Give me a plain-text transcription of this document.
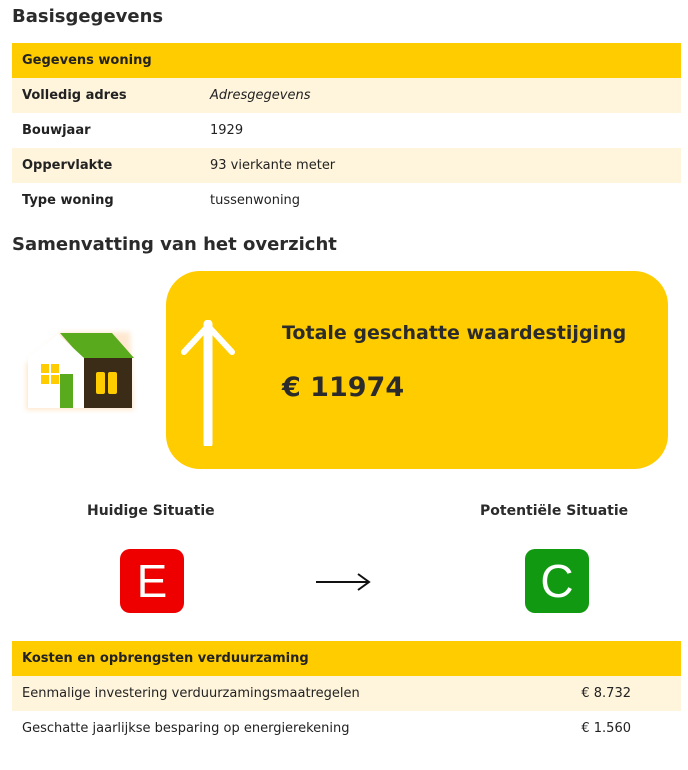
Basisgegevens
Gegevens woning	
Volledig adres	Adresgegevens
Bouwjaar	1929
Oppervlakte	93 vierkante meter
Type woning	tussenwoning
Samenvatting van het overzicht
Totale geschatte waardestijging
€ 11974
Huidige Situatie	Potentiële Situatie
E	C
Kosten en opbrengsten verduurzaming	
Eenmalige investering verduurzamingsmaatregelen	€ 8.732
Geschatte jaarlijkse besparing op energierekening	€ 1.560
